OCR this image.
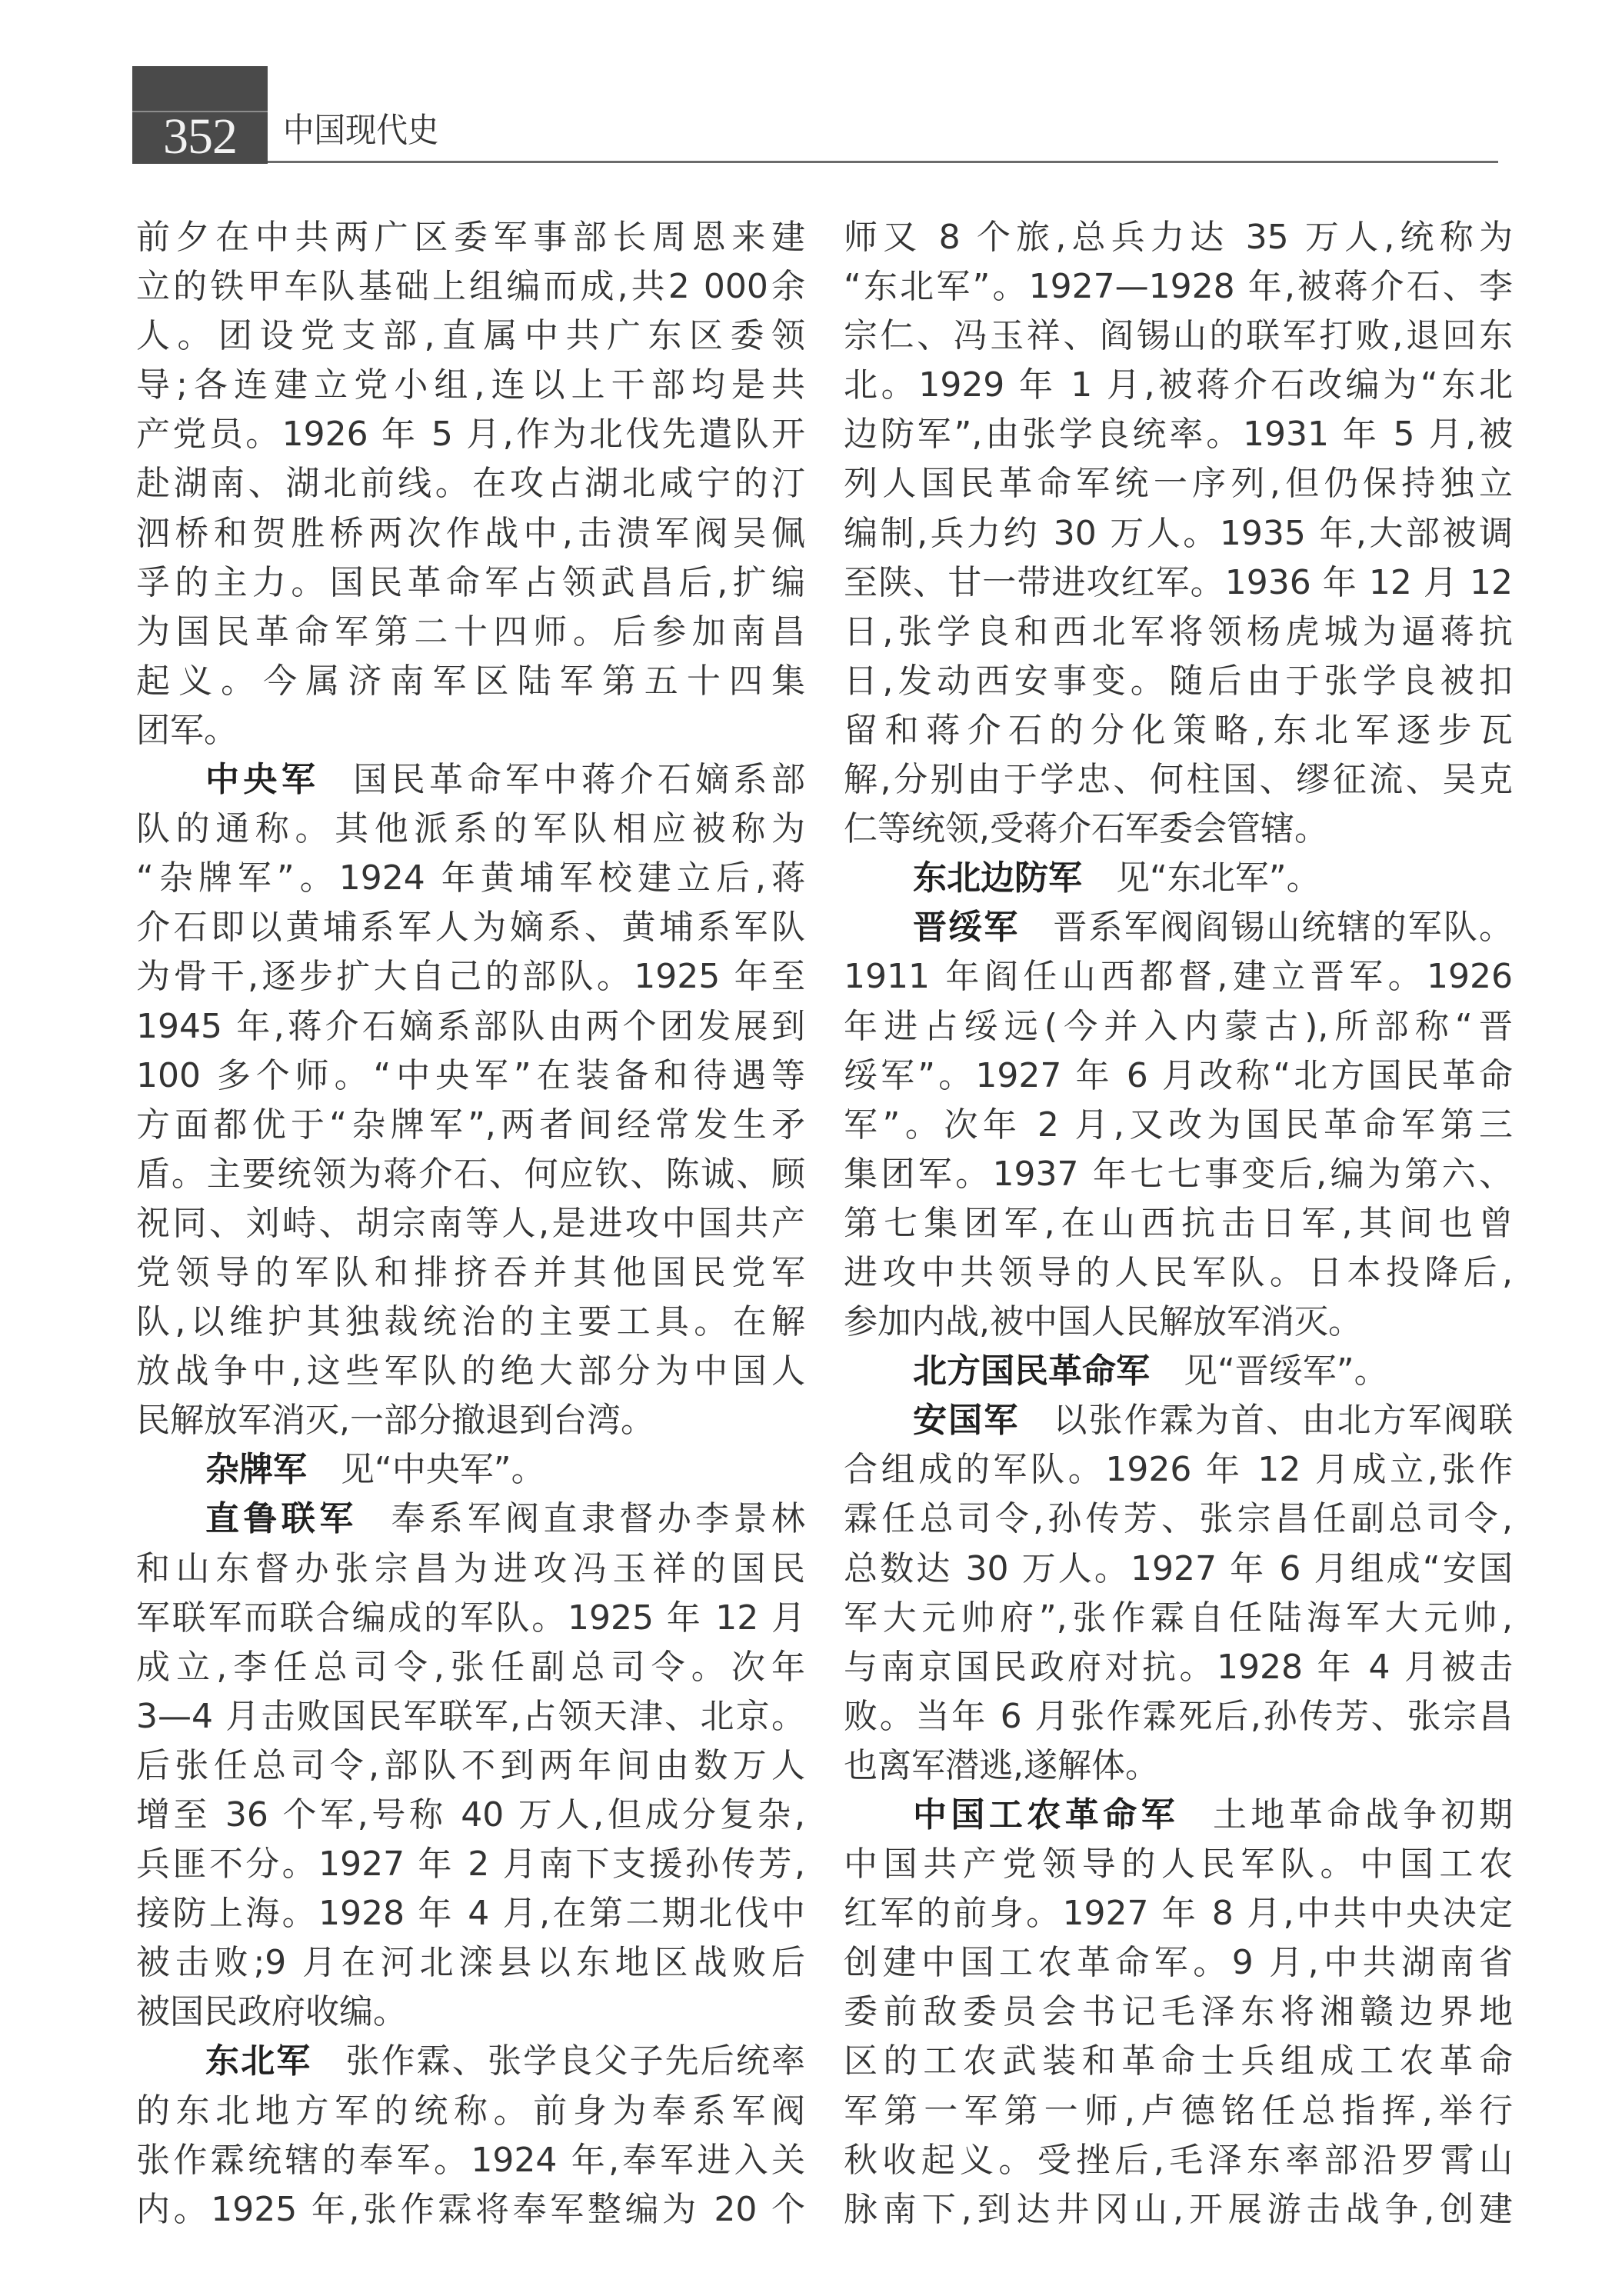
352	中国现代史
前夕在中共两广区委军事部长周恩来建
立的铁甲车队基础上组编而成,共2 000余
人。团设党支部,直属中共广东区委领
导;各连建立党小组,连以上干部均是共
产党员。1926 年 5 月,作为北伐先遣队开
赴湖南、湖北前线。在攻占湖北咸宁的汀
泗桥和贺胜桥两次作战中,击溃军阀吴佩
孚的主力。国民革命军占领武昌后,扩编
为国民革命军第二十四师。后参加南昌
起义。今属济南军区陆军第五十四集
团军。
中央军 国民革命军中蒋介石嫡系部
队的通称。其他派系的军队相应被称为
“杂牌军”。1924 年黄埔军校建立后,蒋
介石即以黄埔系军人为嫡系、黄埔系军队
为骨干,逐步扩大自己的部队。1925 年至
1945 年,蒋介石嫡系部队由两个团发展到
100 多个师。“中央军”在装备和待遇等
方面都优于“杂牌军”,两者间经常发生矛
盾。主要统领为蒋介石、何应钦、陈诚、顾
祝同、刘峙、胡宗南等人,是进攻中国共产
党领导的军队和排挤吞并其他国民党军
队,以维护其独裁统治的主要工具。在解
放战争中,这些军队的绝大部分为中国人
民解放军消灭,一部分撤退到台湾。
杂牌军 见“中央军”。
直鲁联军 奉系军阀直隶督办李景林
和山东督办张宗昌为进攻冯玉祥的国民
军联军而联合编成的军队。1925 年 12 月
成立,李任总司令,张任副总司令。次年
3—4 月击败国民军联军,占领天津、北京。
后张任总司令,部队不到两年间由数万人
增至 36 个军,号称 40 万人,但成分复杂,
兵匪不分。1927 年 2 月南下支援孙传芳,
接防上海。1928 年 4 月,在第二期北伐中
被击败;9 月在河北滦县以东地区战败后
被国民政府收编。
东北军 张作霖、张学良父子先后统率
的东北地方军的统称。前身为奉系军阀
张作霖统辖的奉军。1924 年,奉军进入关
内。1925 年,张作霖将奉军整编为 20 个
师又 8 个旅,总兵力达 35 万人,统称为
“东北军”。1927—1928 年,被蒋介石、李
宗仁、冯玉祥、阎锡山的联军打败,退回东
北。1929 年 1 月,被蒋介石改编为“东北
边防军”,由张学良统率。1931 年 5 月,被
列人国民革命军统一序列,但仍保持独立
编制,兵力约 30 万人。1935 年,大部被调
至陕、甘一带进攻红军。1936 年 12 月 12
日,张学良和西北军将领杨虎城为逼蒋抗
日,发动西安事变。随后由于张学良被扣
留和蒋介石的分化策略,东北军逐步瓦
解,分别由于学忠、何柱国、缪征流、吴克
仁等统领,受蒋介石军委会管辖。
东北边防军 见“东北军”。
晋绥军 晋系军阀阎锡山统辖的军队。
1911 年阎任山西都督,建立晋军。1926
年进占绥远(今并入内蒙古),所部称“晋
绥军”。1927 年 6 月改称“北方国民革命
军”。次年 2 月,又改为国民革命军第三
集团军。1937 年七七事变后,编为第六、
第七集团军,在山西抗击日军,其间也曾
进攻中共领导的人民军队。日本投降后,
参加内战,被中国人民解放军消灭。
北方国民革命军 见“晋绥军”。
安国军 以张作霖为首、由北方军阀联
合组成的军队。1926 年 12 月成立,张作
霖任总司令,孙传芳、张宗昌任副总司令,
总数达 30 万人。1927 年 6 月组成“安国
军大元帅府”,张作霖自任陆海军大元帅,
与南京国民政府对抗。1928 年 4 月被击
败。当年 6 月张作霖死后,孙传芳、张宗昌
也离军潜逃,遂解体。
中国工农革命军 土地革命战争初期
中国共产党领导的人民军队。中国工农
红军的前身。1927 年 8 月,中共中央决定
创建中国工农革命军。9 月,中共湖南省
委前敌委员会书记毛泽东将湘赣边界地
区的工农武装和革命士兵组成工农革命
军第一军第一师,卢德铭任总指挥,举行
秋收起义。受挫后,毛泽东率部沿罗霄山
脉南下,到达井冈山,开展游击战争,创建
